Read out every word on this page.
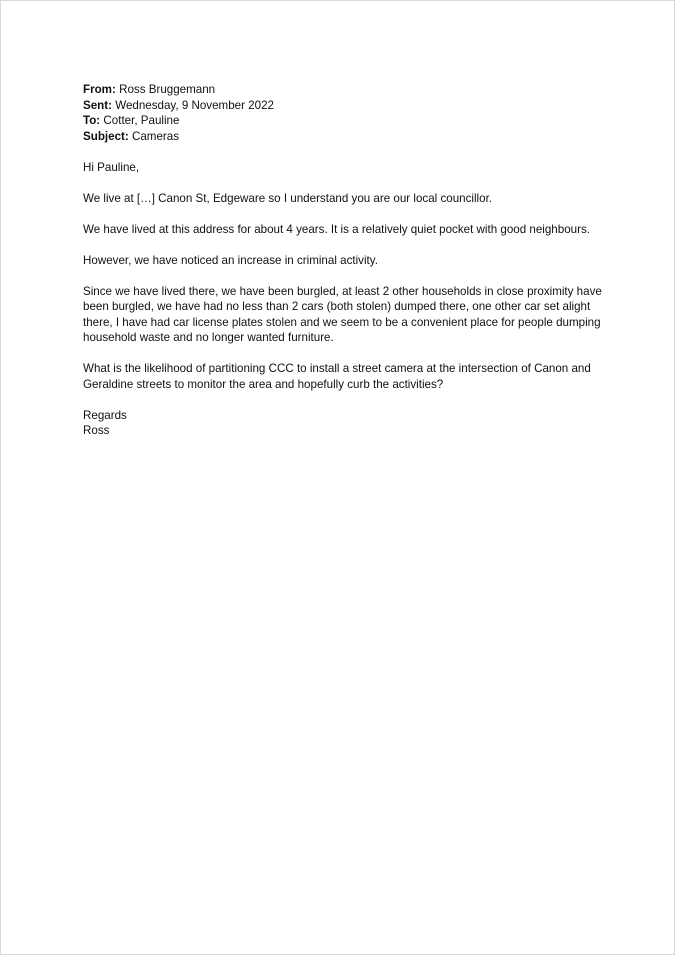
From: Ross Bruggemann
Sent: Wednesday, 9 November 2022
To: Cotter, Pauline
Subject: Cameras

Hi Pauline,

We live at […] Canon St, Edgeware so I understand you are our local councillor.

We have lived at this address for about 4 years. It is a relatively quiet pocket with good neighbours.

However, we have noticed an increase in criminal activity.

Since we have lived there, we have been burgled, at least 2 other households in close proximity have been burgled, we have had no less than 2 cars (both stolen) dumped there, one other car set alight there, I have had car license plates stolen and we seem to be a convenient place for people dumping household waste and no longer wanted furniture.

What is the likelihood of partitioning CCC to install a street camera at the intersection of Canon and Geraldine streets to monitor the area and hopefully curb the activities?

Regards

Ross
